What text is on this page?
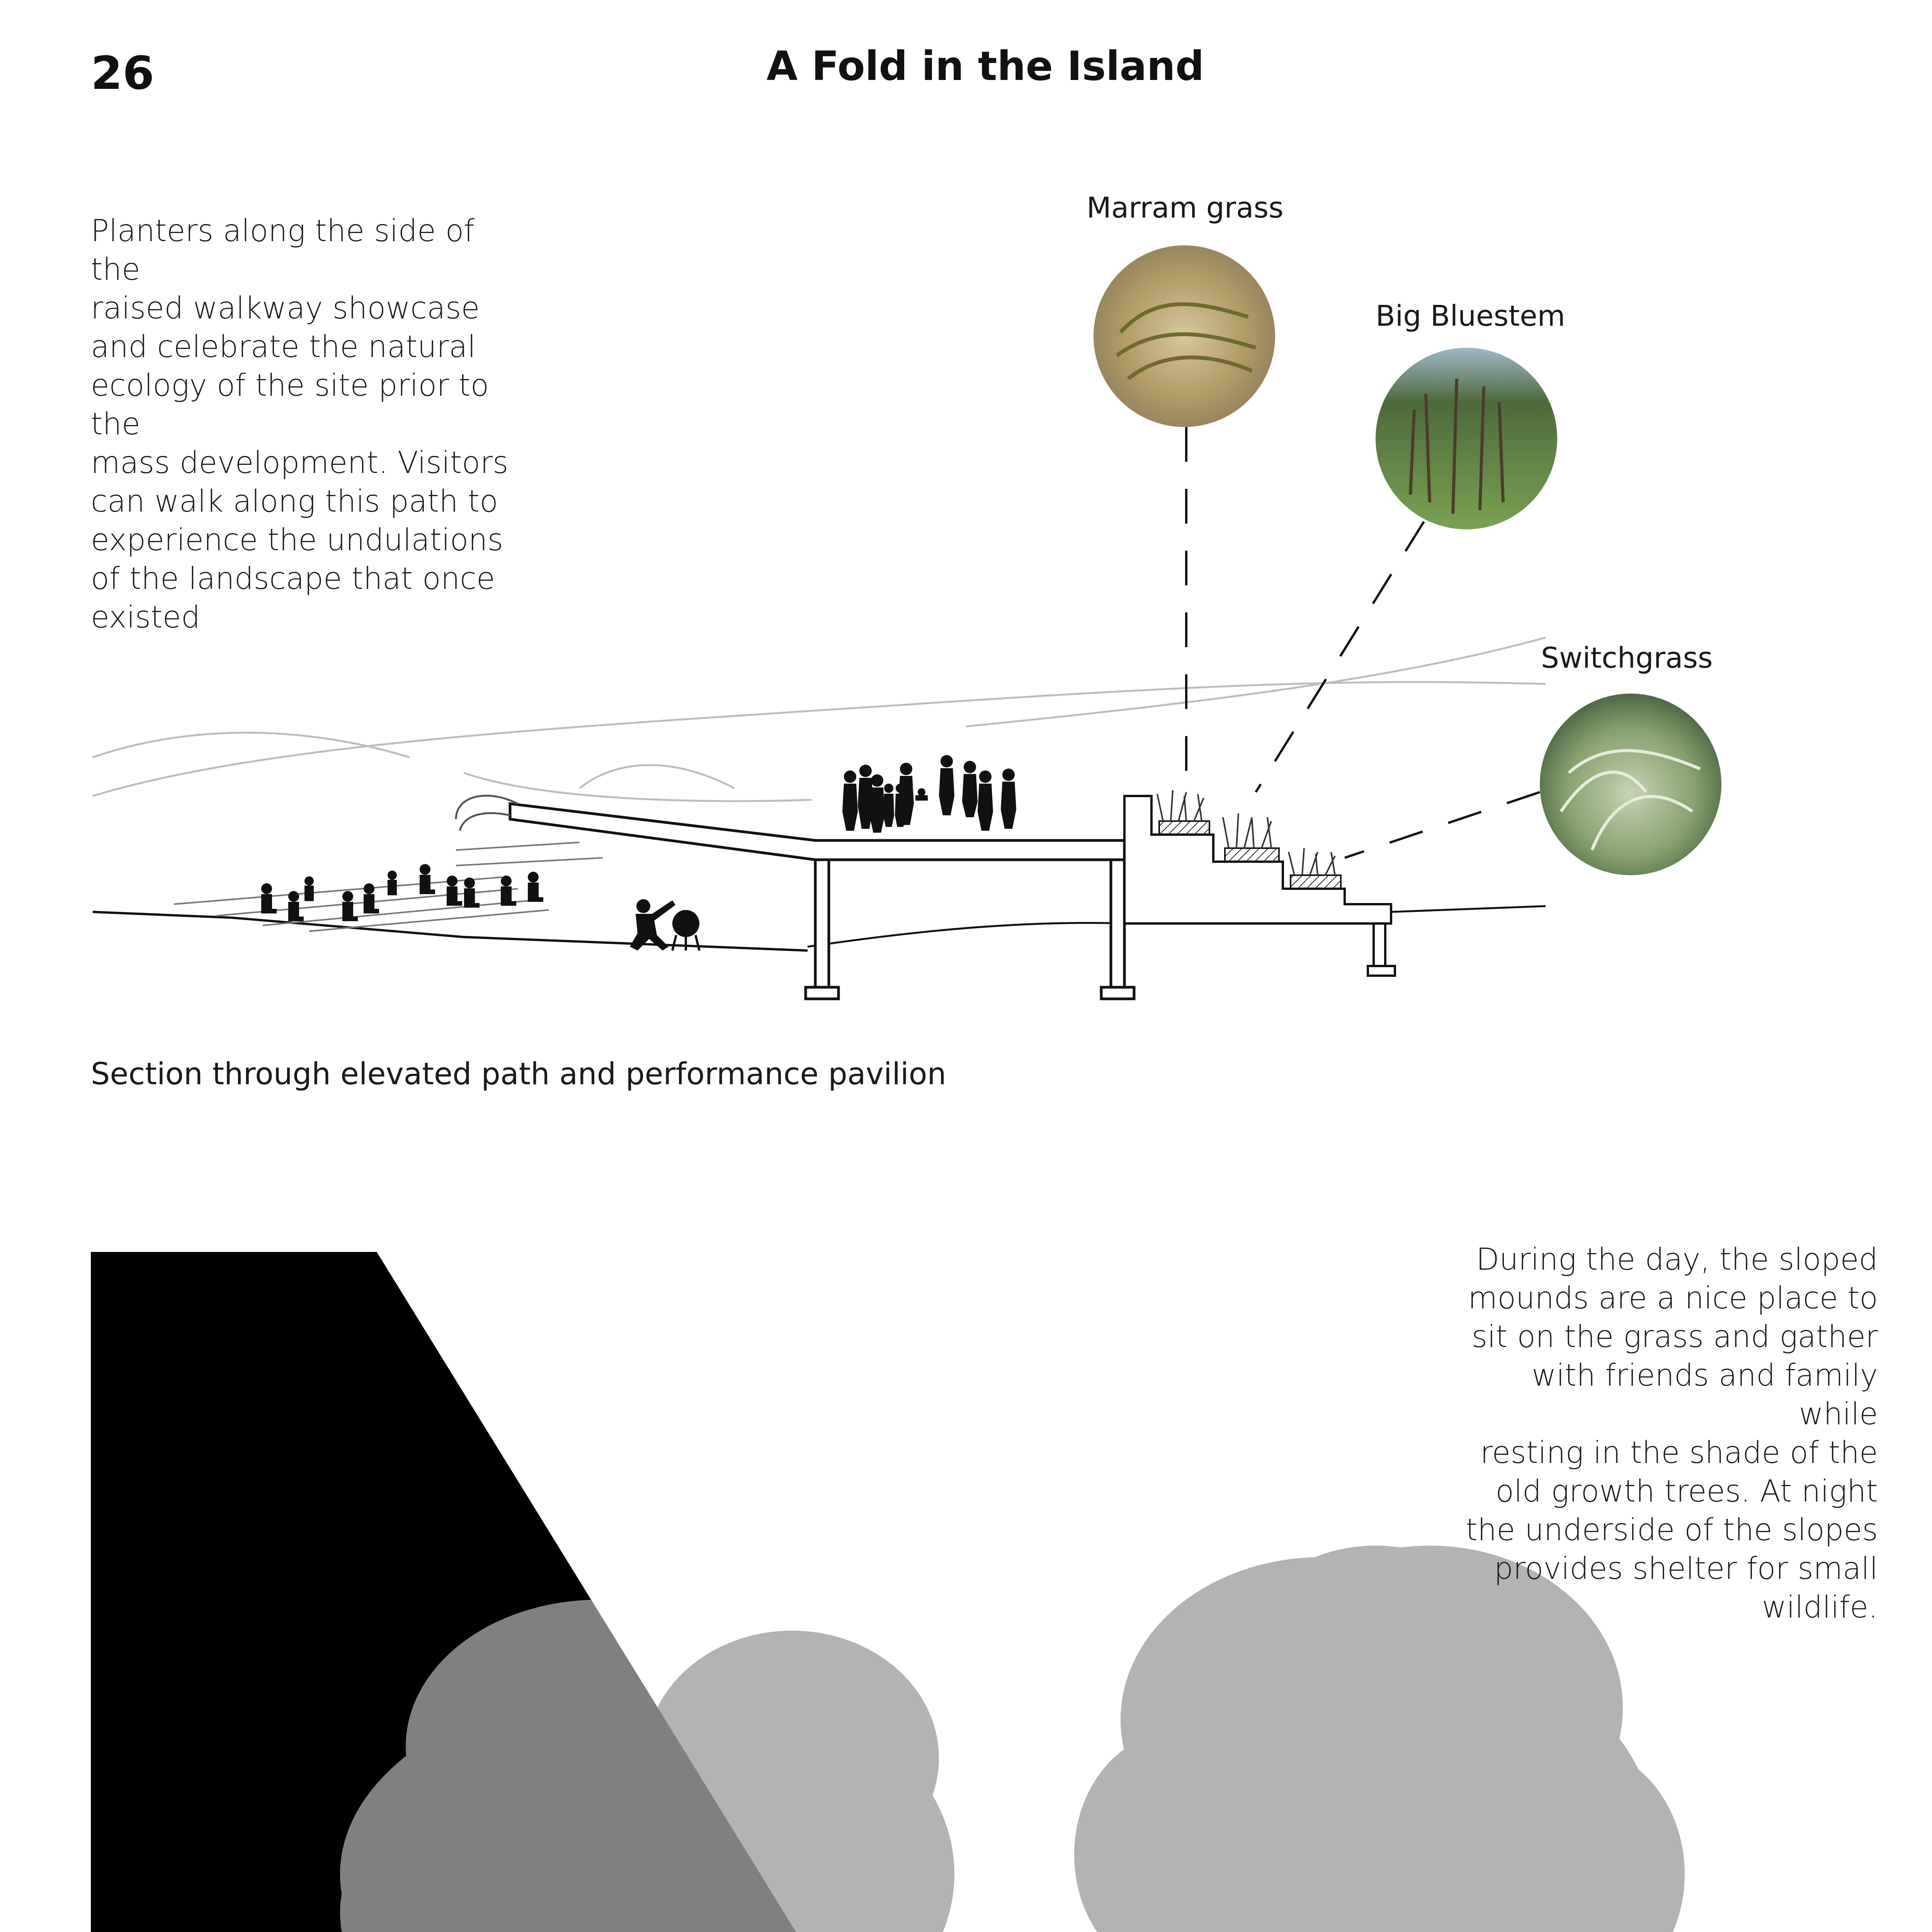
26	A Fold in the Island
Planters along the side of the
raised walkway showcase
and celebrate the natural
ecology of the site prior to the
mass development. Visitors
can walk along this path to
experience the undulations
of the landscape that once
existed
Marram grass
Big Bluestem
Switchgrass
Section through elevated path and performance pavilion
During the day, the sloped
mounds are a nice place to
sit on the grass and gather
with friends and family while
resting in the shade of the
old growth trees. At night
the underside of the slopes
provides shelter for small
wildlife.
